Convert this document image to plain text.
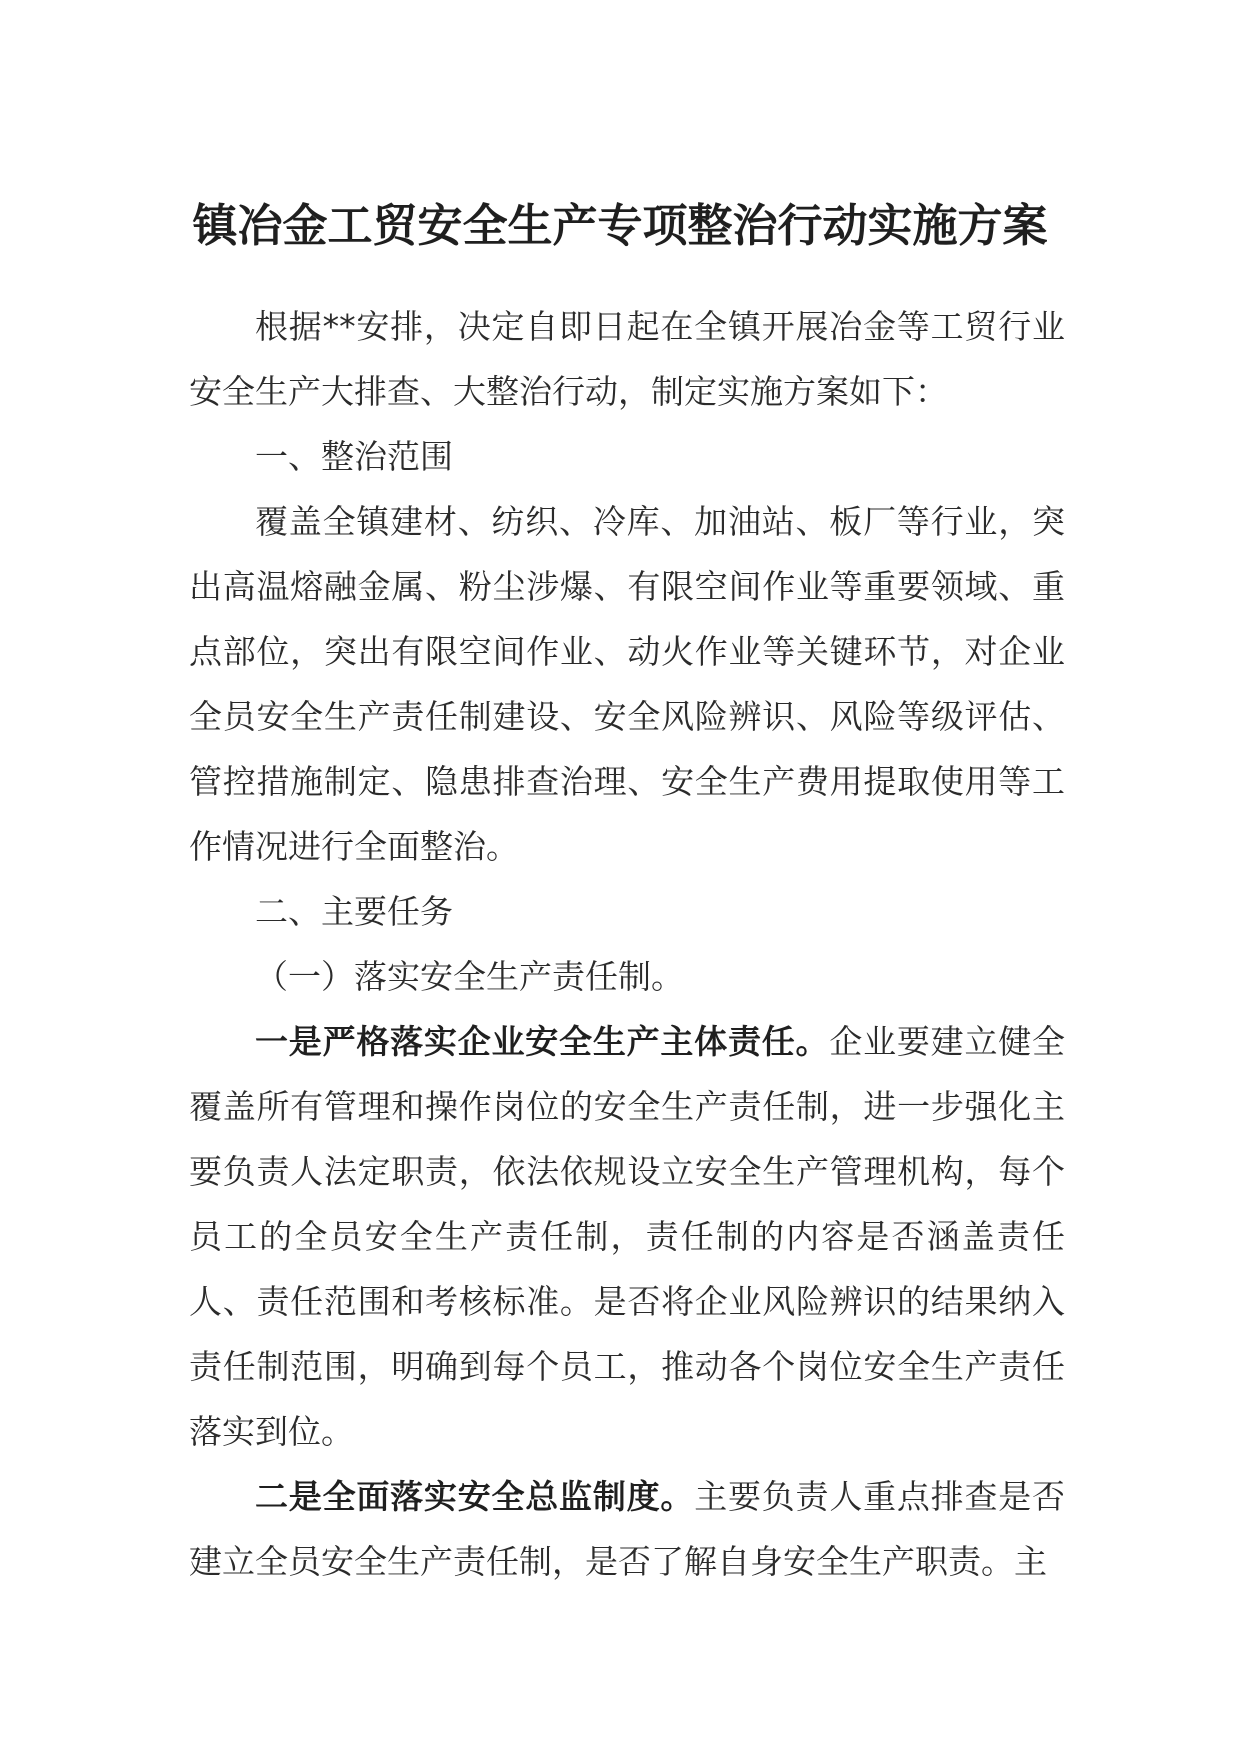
镇冶金工贸安全生产专项整治行动实施方案

根据**安排，决定自即日起在全镇开展冶金等工贸行业安全生产大排查、大整治行动，制定实施方案如下：

一、整治范围

覆盖全镇建材、纺织、冷库、加油站、板厂等行业，突出高温熔融金属、粉尘涉爆、有限空间作业等重要领域、重点部位，突出有限空间作业、动火作业等关键环节，对企业全员安全生产责任制建设、安全风险辨识、风险等级评估、管控措施制定、隐患排查治理、安全生产费用提取使用等工作情况进行全面整治。

二、主要任务

（一）落实安全生产责任制。

一是严格落实企业安全生产主体责任。企业要建立健全覆盖所有管理和操作岗位的安全生产责任制，进一步强化主要负责人法定职责，依法依规设立安全生产管理机构，每个员工的全员安全生产责任制，责任制的内容是否涵盖责任人、责任范围和考核标准。是否将企业风险辨识的结果纳入责任制范围，明确到每个员工，推动各个岗位安全生产责任落实到位。

二是全面落实安全总监制度。主要负责人重点排查是否建立全员安全生产责任制，是否了解自身安全生产职责。主
